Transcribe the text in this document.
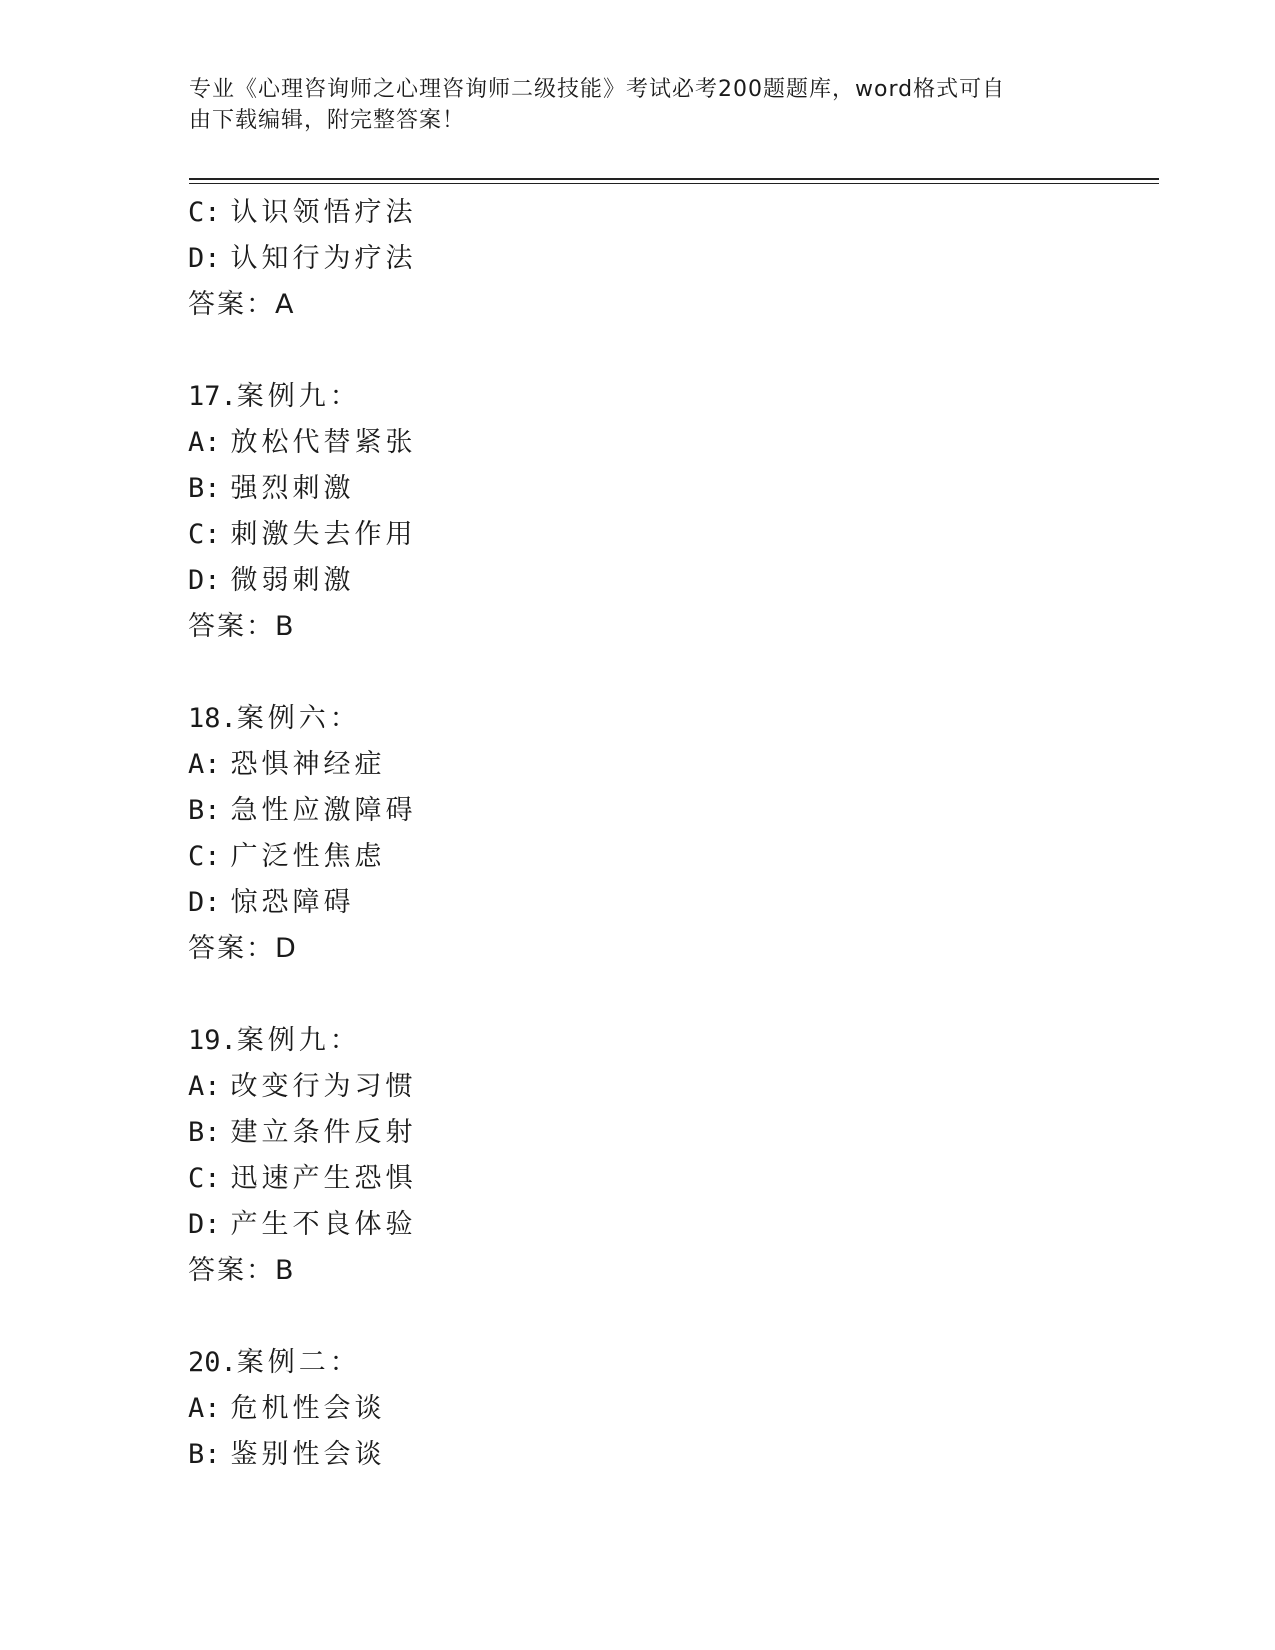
专业《心理咨询师之心理咨询师二级技能》考试必考200题题库，word格式可自
由下载编辑，附完整答案！
C: 认识领悟疗法
D: 认知行为疗法
答案：A
17.案例九：
A: 放松代替紧张
B: 强烈刺激
C: 刺激失去作用
D: 微弱刺激
答案：B
18.案例六：
A: 恐惧神经症
B: 急性应激障碍
C: 广泛性焦虑
D: 惊恐障碍
答案：D
19.案例九：
A: 改变行为习惯
B: 建立条件反射
C: 迅速产生恐惧
D: 产生不良体验
答案：B
20.案例二：
A: 危机性会谈
B: 鉴别性会谈
